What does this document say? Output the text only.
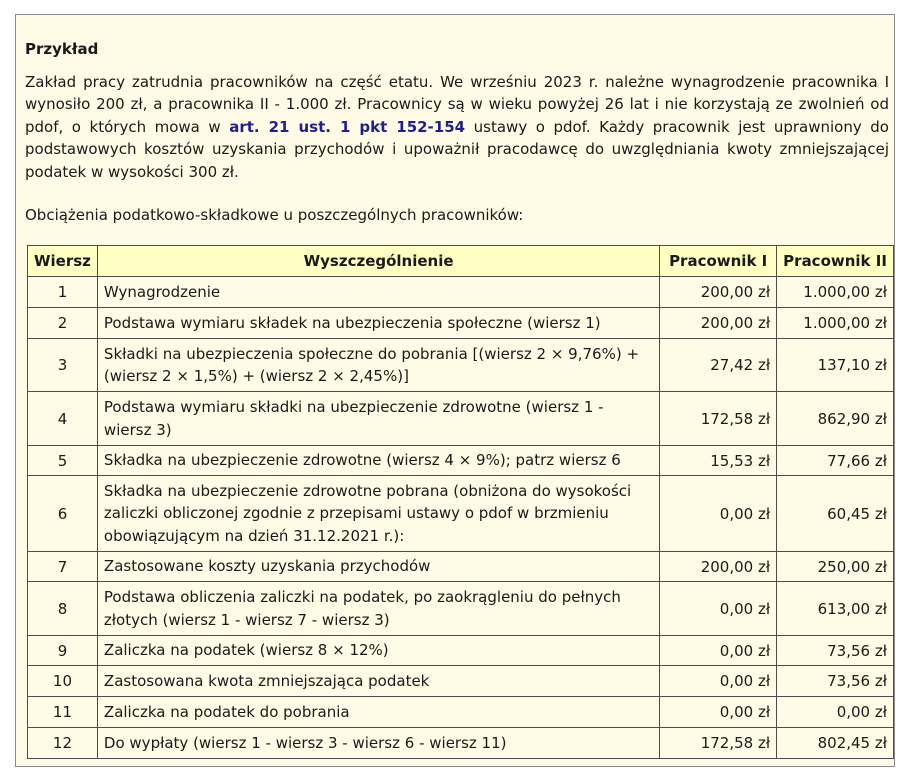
Przykład

Zakład pracy zatrudnia pracowników na część etatu. We wrześniu 2023 r. należne wynagrodzenie pracownika I wynosiło 200 zł, a pracownika II - 1.000 zł. Pracownicy są w wieku powyżej 26 lat i nie korzystają ze zwolnień od pdof, o których mowa w art. 21 ust. 1 pkt 152-154 ustawy o pdof. Każdy pracownik jest uprawniony do podstawowych kosztów uzyskania przychodów i upoważnił pracodawcę do uwzględniania kwoty zmniejszającej podatek w wysokości 300 zł.

Obciążenia podatkowo-składkowe u poszczególnych pracowników:

Wiersz	Wyszczególnienie	Pracownik I	Pracownik II
1	Wynagrodzenie	200,00 zł	1.000,00 zł
2	Podstawa wymiaru składek na ubezpieczenia społeczne (wiersz 1)	200,00 zł	1.000,00 zł
3	Składki na ubezpieczenia społeczne do pobrania [(wiersz 2 × 9,76%) + (wiersz 2 × 1,5%) + (wiersz 2 × 2,45%)]	27,42 zł	137,10 zł
4	Podstawa wymiaru składki na ubezpieczenie zdrowotne (wiersz 1 - wiersz 3)	172,58 zł	862,90 zł
5	Składka na ubezpieczenie zdrowotne (wiersz 4 × 9%); patrz wiersz 6	15,53 zł	77,66 zł
6	Składka na ubezpieczenie zdrowotne pobrana (obniżona do wysokości zaliczki obliczonej zgodnie z przepisami ustawy o pdof w brzmieniu obowiązującym na dzień 31.12.2021 r.):	0,00 zł	60,45 zł
7	Zastosowane koszty uzyskania przychodów	200,00 zł	250,00 zł
8	Podstawa obliczenia zaliczki na podatek, po zaokrągleniu do pełnych złotych (wiersz 1 - wiersz 7 - wiersz 3)	0,00 zł	613,00 zł
9	Zaliczka na podatek (wiersz 8 × 12%)	0,00 zł	73,56 zł
10	Zastosowana kwota zmniejszająca podatek	0,00 zł	73,56 zł
11	Zaliczka na podatek do pobrania	0,00 zł	0,00 zł
12	Do wypłaty (wiersz 1 - wiersz 3 - wiersz 6 - wiersz 11)	172,58 zł	802,45 zł
